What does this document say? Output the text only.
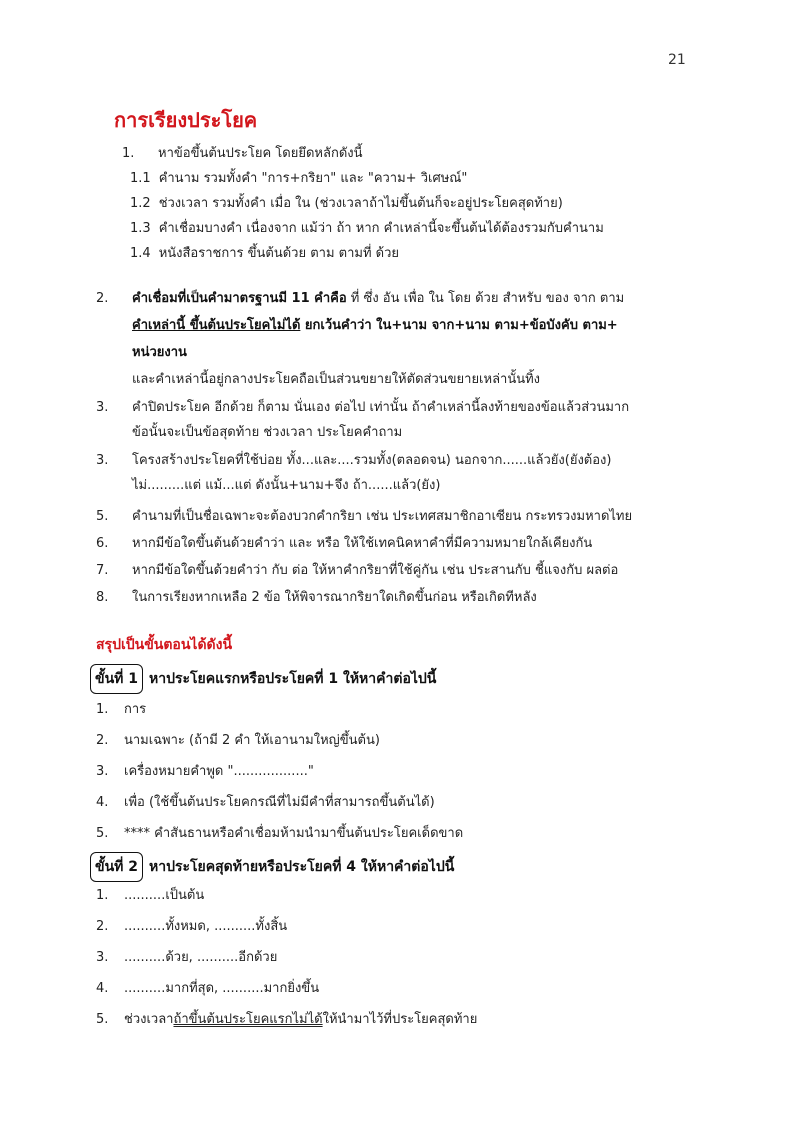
21
การเรียงประโยค
1. หาข้อขึ้นต้นประโยค โดยยึดหลักดังนี้
1.1 คำนาม รวมทั้งคำ "การ+กริยา" และ "ความ+ วิเศษณ์"
1.2 ช่วงเวลา รวมทั้งคำ เมื่อ ใน (ช่วงเวลาถ้าไม่ขึ้นต้นก็จะอยู่ประโยคสุดท้าย)
1.3 คำเชื่อมบางคำ เนื่องจาก แม้ว่า ถ้า หาก คำเหล่านี้จะขึ้นต้นได้ต้องรวมกับคำนาม
1.4 หนังสือราชการ ขึ้นต้นด้วย ตาม ตามที่ ด้วย
2. คำเชื่อมที่เป็นคำมาตรฐานมี 11 คำคือ ที่ ซึ่ง อัน เพื่อ ใน โดย ด้วย สำหรับ ของ จาก ตาม
คำเหล่านี้ ขึ้นต้นประโยคไม่ได้ ยกเว้นคำว่า ใน+นาม จาก+นาม ตาม+ข้อบังคับ ตาม+
หน่วยงาน
และคำเหล่านี้อยู่กลางประโยคถือเป็นส่วนขยายให้ตัดส่วนขยายเหล่านั้นทิ้ง
3. คำปิดประโยค อีกด้วย ก็ตาม นั่นเอง ต่อไป เท่านั้น ถ้าคำเหล่านี้ลงท้ายของข้อแล้วส่วนมาก
ข้อนั้นจะเป็นข้อสุดท้าย ช่วงเวลา ประโยคคำถาม
3. โครงสร้างประโยคที่ใช้บ่อย ทั้ง...และ....รวมทั้ง(ตลอดจน) นอกจาก......แล้วยัง(ยังต้อง)
ไม่.........แต่ แม้...แต่ ดังนั้น+นาม+จึง ถ้า......แล้ว(ยัง)
5. คำนามที่เป็นชื่อเฉพาะจะต้องบวกคำกริยา เช่น ประเทศสมาชิกอาเซียน กระทรวงมหาดไทย
6. หากมีข้อใดขึ้นต้นด้วยคำว่า และ หรือ ให้ใช้เทคนิคหาคำที่มีความหมายใกล้เคียงกัน
7. หากมีข้อใดขึ้นด้วยคำว่า กับ ต่อ ให้หาคำกริยาที่ใช้คู่กัน เช่น ประสานกับ ชี้แจงกับ ผลต่อ
8. ในการเรียงหากเหลือ 2 ข้อ ให้พิจารณากริยาใดเกิดขึ้นก่อน หรือเกิดทีหลัง
สรุปเป็นขั้นตอนได้ดังนี้
ขั้นที่ 1 หาประโยคแรกหรือประโยคที่ 1 ให้หาคำต่อไปนี้
1. การ
2. นามเฉพาะ (ถ้ามี 2 คำ ให้เอานามใหญ่ขึ้นต้น)
3. เครื่องหมายคำพูด ".................."
4. เพื่อ (ใช้ขึ้นต้นประโยคกรณีที่ไม่มีคำที่สามารถขึ้นต้นได้)
5. **** คำสันธานหรือคำเชื่อมห้ามนำมาขึ้นต้นประโยคเด็ดขาด
ขั้นที่ 2 หาประโยคสุดท้ายหรือประโยคที่ 4 ให้หาคำต่อไปนี้
1. ..........เป็นต้น
2. ..........ทั้งหมด, ..........ทั้งสิ้น
3. ..........ด้วย, ..........อีกด้วย
4. ..........มากที่สุด, ..........มากยิ่งขึ้น
5. ช่วงเวลาถ้าขึ้นต้นประโยคแรกไม่ได้ให้นำมาไว้ที่ประโยคสุดท้าย
